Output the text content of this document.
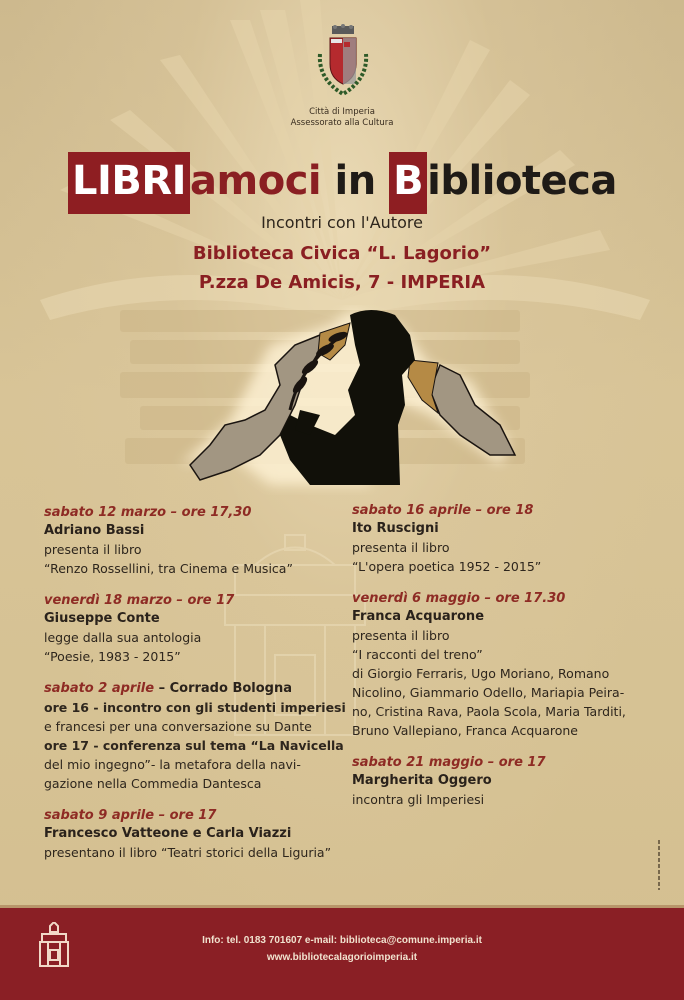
Città di Imperia
Assessorato alla Cultura
LIBRI amoci in B iblioteca
Incontri con l'Autore
Biblioteca Civica “L. Lagorio”
P.zza De Amicis, 7 - IMPERIA
sabato 12 marzo – ore 17,30
Adriano Bassi
presenta il libro
“Renzo Rossellini, tra Cinema e Musica”
venerdì 18 marzo – ore 17
Giuseppe Conte
legge dalla sua antologia
“Poesie, 1983 - 2015”
sabato 2 aprile – Corrado Bologna
ore 16 - incontro con gli studenti imperiesi
e francesi per una conversazione su Dante
ore 17 - conferenza sul tema “La Navicella
del mio ingegno”- la metafora della navi-
gazione nella Commedia Dantesca
sabato 9 aprile – ore 17
Francesco Vatteone e Carla Viazzi
presentano il libro “Teatri storici della Liguria”
sabato 16 aprile – ore 18
Ito Ruscigni
presenta il libro
“L'opera poetica 1952 - 2015”
venerdì 6 maggio – ore 17.30
Franca Acquarone
presenta il libro
“I racconti del treno”
di Giorgio Ferraris, Ugo Moriano, Romano
Nicolino, Giammario Odello, Mariapia Peira-
no, Cristina Rava, Paola Scola, Maria Tarditi,
Bruno Vallepiano, Franca Acquarone
sabato 21 maggio – ore 17
Margherita Oggero
incontra gli Imperiesi
Info: tel. 0183 701607 e-mail: biblioteca@comune.imperia.it
www.bibliotecalagorioimperia.it
